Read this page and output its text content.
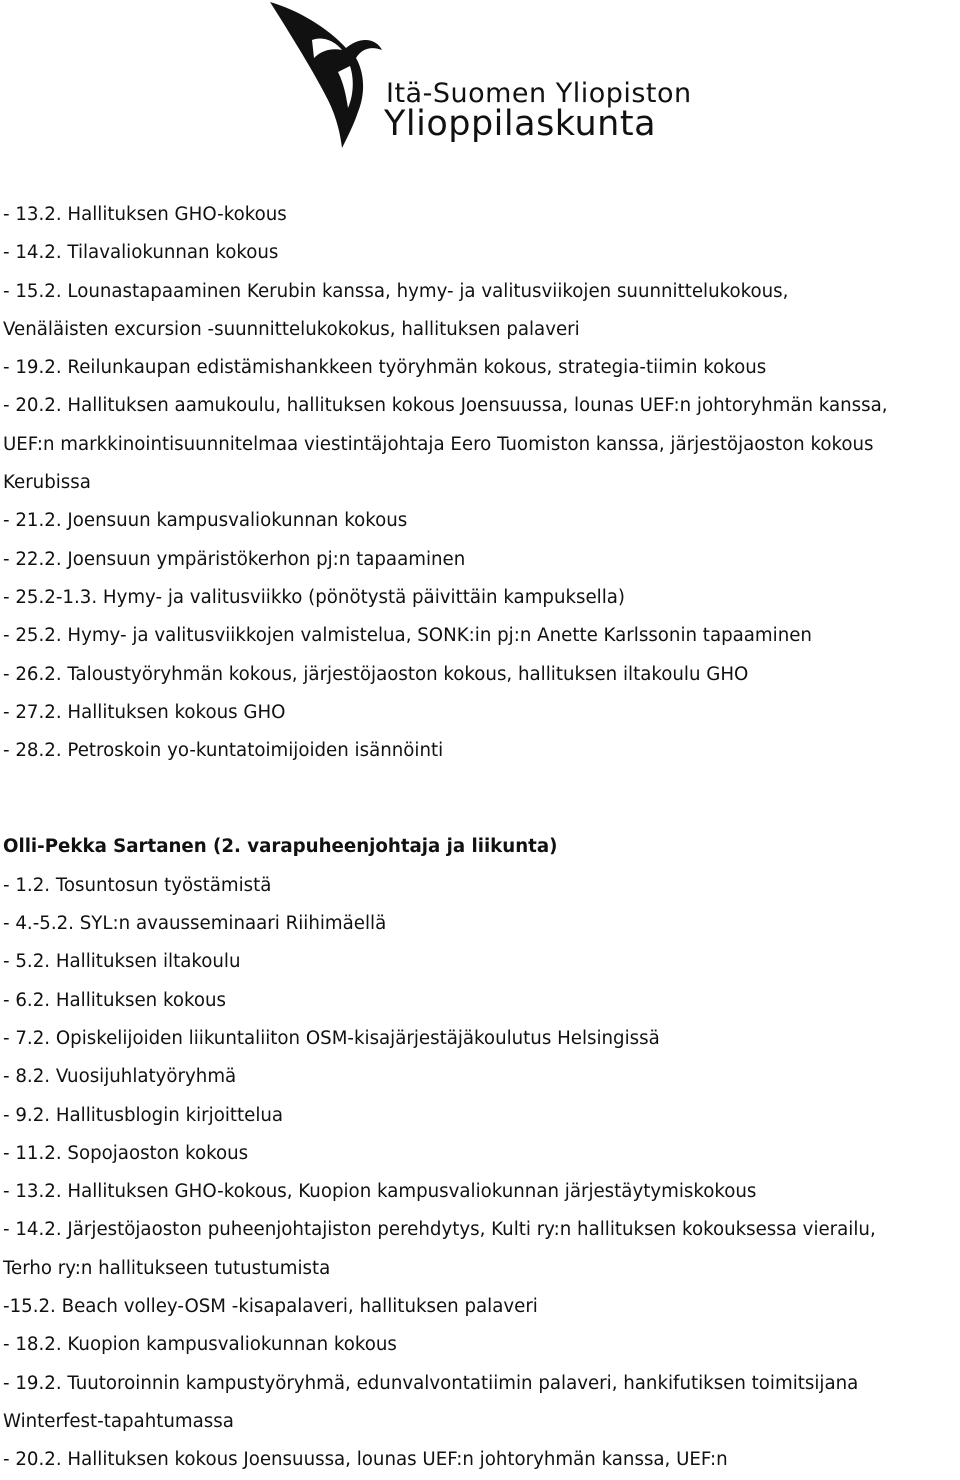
Itä-Suomen Yliopiston
Ylioppilaskunta
- 13.2. Hallituksen GHO-kokous
- 14.2. Tilavaliokunnan kokous
- 15.2. Lounastapaaminen Kerubin kanssa, hymy- ja valitusviikojen suunnittelukokous,
Venäläisten excursion -suunnittelukokokus, hallituksen palaveri
- 19.2. Reilunkaupan edistämishankkeen työryhmän kokous, strategia-tiimin kokous
- 20.2. Hallituksen aamukoulu, hallituksen kokous Joensuussa, lounas UEF:n johtoryhmän kanssa,
UEF:n markkinointisuunnitelmaa viestintäjohtaja Eero Tuomiston kanssa, järjestöjaoston kokous
Kerubissa
- 21.2. Joensuun kampusvaliokunnan kokous
- 22.2. Joensuun ympäristökerhon pj:n tapaaminen
- 25.2-1.3. Hymy- ja valitusviikko (pönötystä päivittäin kampuksella)
- 25.2. Hymy- ja valitusviikkojen valmistelua, SONK:in pj:n Anette Karlssonin tapaaminen
- 26.2. Taloustyöryhmän kokous, järjestöjaoston kokous, hallituksen iltakoulu GHO
- 27.2. Hallituksen kokous GHO
- 28.2. Petroskoin yo-kuntatoimijoiden isännöinti
Olli-Pekka Sartanen (2. varapuheenjohtaja ja liikunta)
- 1.2. Tosuntosun työstämistä
- 4.-5.2. SYL:n avausseminaari Riihimäellä
- 5.2. Hallituksen iltakoulu
- 6.2. Hallituksen kokous
- 7.2. Opiskelijoiden liikuntaliiton OSM-kisajärjestäjäkoulutus Helsingissä
- 8.2. Vuosijuhlatyöryhmä
- 9.2. Hallitusblogin kirjoittelua
- 11.2. Sopojaoston kokous
- 13.2. Hallituksen GHO-kokous, Kuopion kampusvaliokunnan järjestäytymiskokous
- 14.2. Järjestöjaoston puheenjohtajiston perehdytys, Kulti ry:n hallituksen kokouksessa vierailu,
Terho ry:n hallitukseen tutustumista
-15.2. Beach volley-OSM -kisapalaveri, hallituksen palaveri
- 18.2. Kuopion kampusvaliokunnan kokous
- 19.2. Tuutoroinnin kampustyöryhmä, edunvalvontatiimin palaveri, hankifutiksen toimitsijana
Winterfest-tapahtumassa
- 20.2. Hallituksen kokous Joensuussa, lounas UEF:n johtoryhmän kanssa, UEF:n
